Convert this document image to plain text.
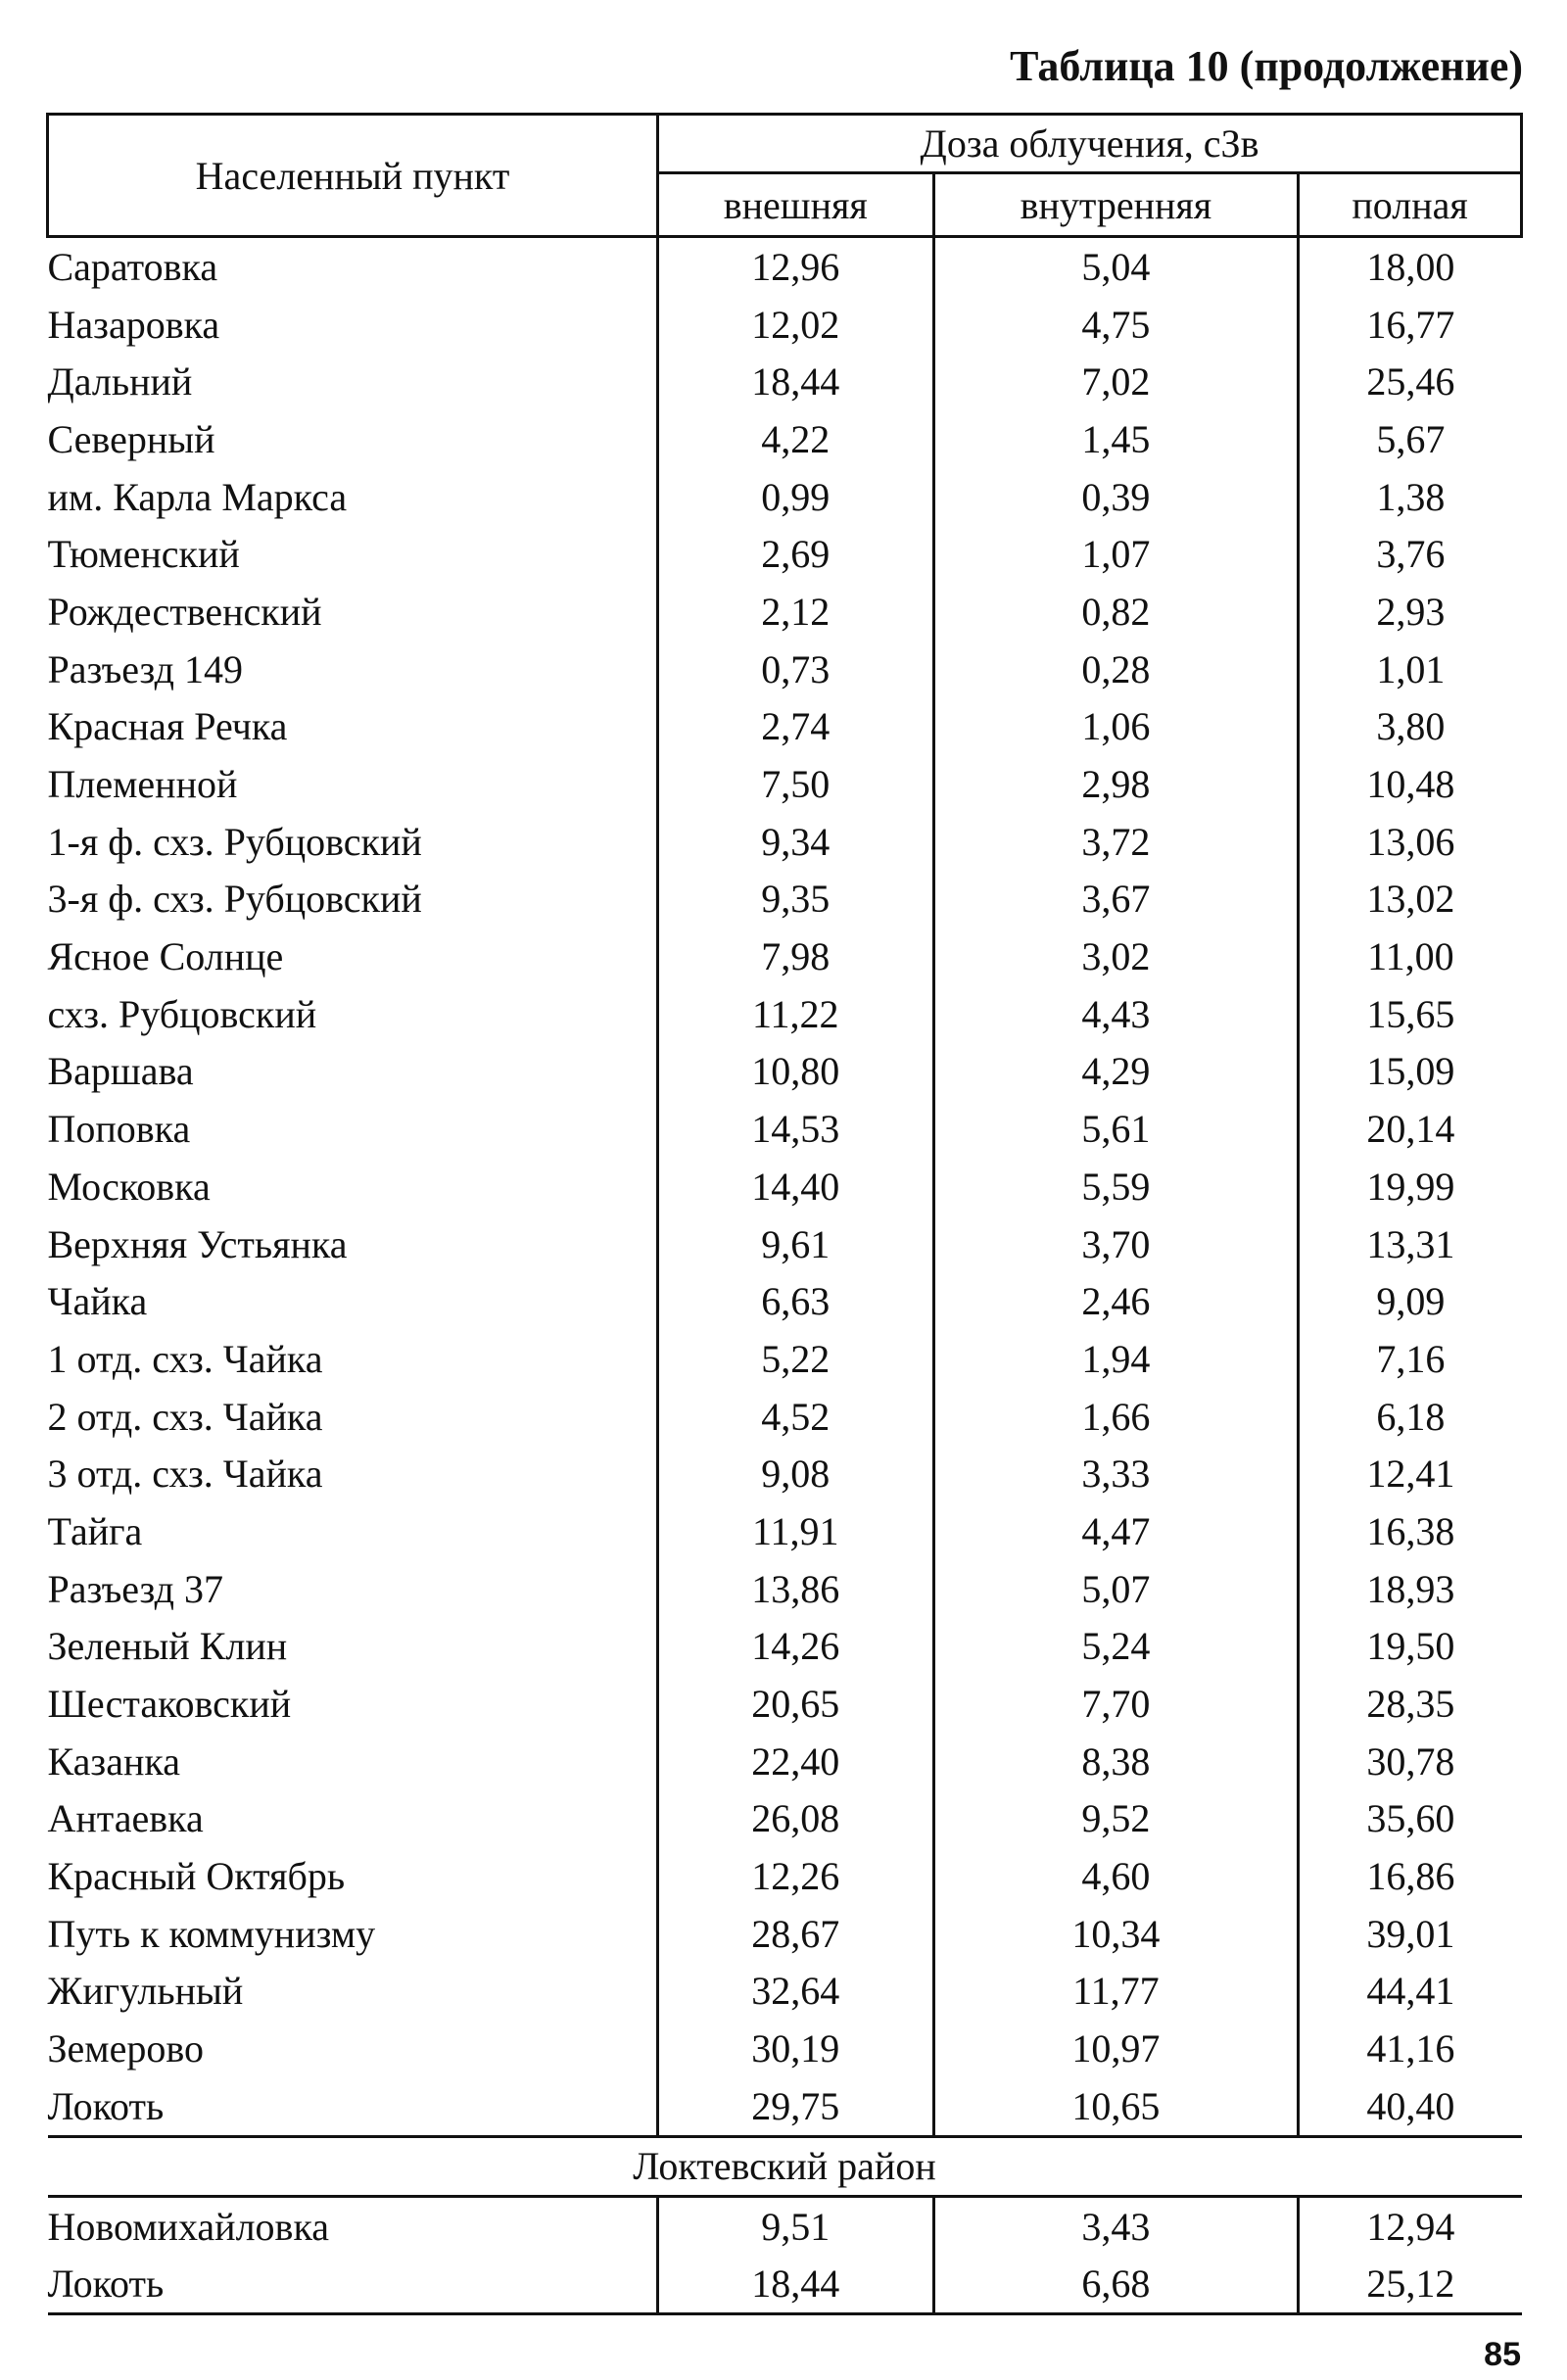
Таблица 10 (продолжение)
Населенный пункт	Доза облучения, сЗв		
	внешняя	внутренняя	полная
Саратовка	12,96	5,04	18,00
Назаровка	12,02	4,75	16,77
Дальний	18,44	7,02	25,46
Северный	4,22	1,45	5,67
им. Карла Маркса	0,99	0,39	1,38
Тюменский	2,69	1,07	3,76
Рождественский	2,12	0,82	2,93
Разъезд 149	0,73	0,28	1,01
Красная Речка	2,74	1,06	3,80
Племенной	7,50	2,98	10,48
1-я ф. схз. Рубцовский	9,34	3,72	13,06
3-я ф. схз. Рубцовский	9,35	3,67	13,02
Ясное Солнце	7,98	3,02	11,00
схз. Рубцовский	11,22	4,43	15,65
Варшава	10,80	4,29	15,09
Поповка	14,53	5,61	20,14
Московка	14,40	5,59	19,99
Верхняя Устьянка	9,61	3,70	13,31
Чайка	6,63	2,46	9,09
1 отд. схз. Чайка	5,22	1,94	7,16
2 отд. схз. Чайка	4,52	1,66	6,18
3 отд. схз. Чайка	9,08	3,33	12,41
Тайга	11,91	4,47	16,38
Разъезд 37	13,86	5,07	18,93
Зеленый Клин	14,26	5,24	19,50
Шестаковский	20,65	7,70	28,35
Казанка	22,40	8,38	30,78
Антаевка	26,08	9,52	35,60
Красный Октябрь	12,26	4,60	16,86
Путь к коммунизму	28,67	10,34	39,01
Жигульный	32,64	11,77	44,41
Земерово	30,19	10,97	41,16
Локоть	29,75	10,65	40,40
Локтевский район			
Новомихайловка	9,51	3,43	12,94
Локоть	18,44	6,68	25,12
85
